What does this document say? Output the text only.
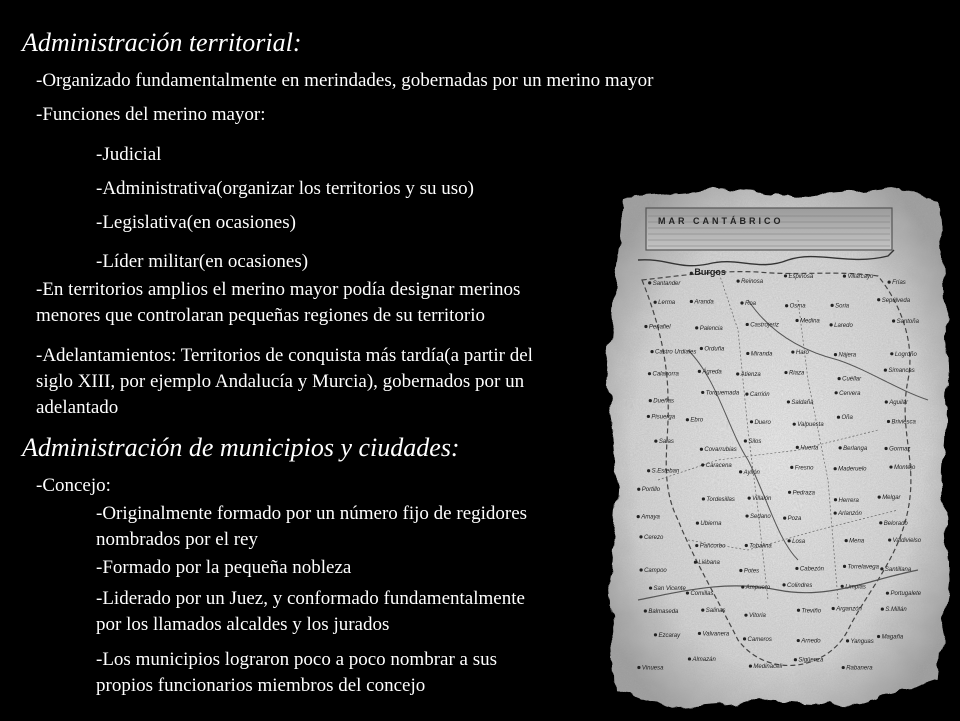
Administración territorial:
-Organizado fundamentalmente en merindades, gobernadas por un merino mayor
-Funciones del merino mayor:
-Judicial
-Administrativa(organizar los territorios y su uso)
-Legislativa(en ocasiones)
-Líder militar(en ocasiones)
-En territorios amplios el merino mayor podía designar merinos
menores que controlaran pequeñas regiones de su territorio
-Adelantamientos: Territorios de conquista más tardía(a partir del
siglo XIII, por ejemplo Andalucía y Murcia), gobernados por un
adelantado
Administración de municipios y ciudades:
-Concejo:
-Originalmente formado por un número fijo de regidores
nombrados por el rey
-Formado por la pequeña nobleza
-Liderado por un Juez, y conformado fundamentalmente
por los llamados alcaldes y los jurados
-Los municipios lograron poco a poco nombrar a sus
propios funcionarios miembros del concejo
MAR CANTÁBRICO
Santander
Burgos
Reinosa
Espinosa	Villarcayo
Frías
Lerma	Aranda	Roa	Osma	Soria
Sepúlveda
Peñafiel	Palencia
Castrojeriz
Medina
Laredo
Santoña
Castro Urdiales
Orduña
Miranda	Haro	Nájera	Logroño
Calahorra	Ágreda	Atienza	Riaza
Cuéllar
Simancas
Dueñas
Torquemada Carrión
Saldaña
Cervera
Aguilar
Pisuerga
Ebro	Duero	Valpuesta
Oña
Briviesca
Salas
Covarrubias
Silos
Huerta	Berlanga	Gormaz
S.Esteban
Caracena
Ayllón
Fresno	Maderuelo	Montejo
Portillo
Tordesillas	Villalón
Pedraza
Herrera	Melgar
Amaya
Ubierna
Sedano	Poza
Arlanzón
Belorado
Cerezo
Pancorbo	Tobalina
Losa	Mena	Valdivielso
Campoo
Liébana
Potes	Cabezón	Torrelavega Santillana
San Vicente
Comillas
Ampuero	Colindres	Limpias
Portugalete
Balmaseda	Salinas
Vitoria
Treviño	Arganzón	S.Millán
Ezcaray	Valvanera
Cameros	Arnedo	Yanguas
Magaña
Vinuesa
Almazán
Medinaceli
Sigüenza
Rabanera
